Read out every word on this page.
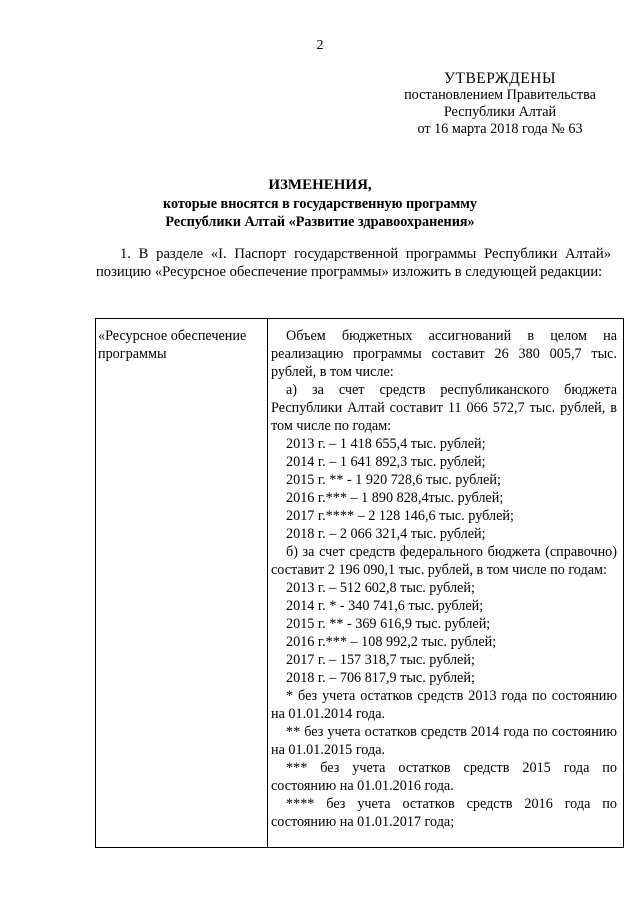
2
УТВЕРЖДЕНЫ
постановлением Правительства
Республики Алтай
от 16 марта 2018 года № 63
ИЗМЕНЕНИЯ,
которые вносятся в государственную программу
Республики Алтай «Развитие здравоохранения»
1. В разделе «I. Паспорт государственной программы Республики Алтай» позицию «Ресурсное обеспечение программы» изложить в следующей редакции:
«Ресурсное обеспечение программы

Объем бюджетных ассигнований в целом на реализацию программы составит 26 380 005,7 тыс. рублей, в том числе:

а) за счет средств республиканского бюджета Республики Алтай составит 11 066 572,7 тыс. рублей, в том числе по годам:

2013 г. – 1 418 655,4 тыс. рублей;

2014 г. – 1 641 892,3 тыс. рублей;

2015 г. ** - 1 920 728,6 тыс. рублей;

2016 г.*** – 1 890 828,4тыс. рублей;

2017 г.**** – 2 128 146,6 тыс. рублей;

2018 г. – 2 066 321,4 тыс. рублей;

б) за счет средств федерального бюджета (справочно) составит 2 196 090,1 тыс. рублей, в том числе по годам:

2013 г. – 512 602,8 тыс. рублей;

2014 г. * - 340 741,6 тыс. рублей;

2015 г. ** - 369 616,9 тыс. рублей;

2016 г.*** – 108 992,2 тыс. рублей;

2017 г. – 157 318,7 тыс. рублей;

2018 г. – 706 817,9 тыс. рублей;

* без учета остатков средств 2013 года по состоянию на 01.01.2014 года.

** без учета остатков средств 2014 года по состоянию на 01.01.2015 года.

*** без учета остатков средств 2015 года по состоянию на 01.01.2016 года.

**** без учета остатков средств 2016 года по состоянию на 01.01.2017 года;
